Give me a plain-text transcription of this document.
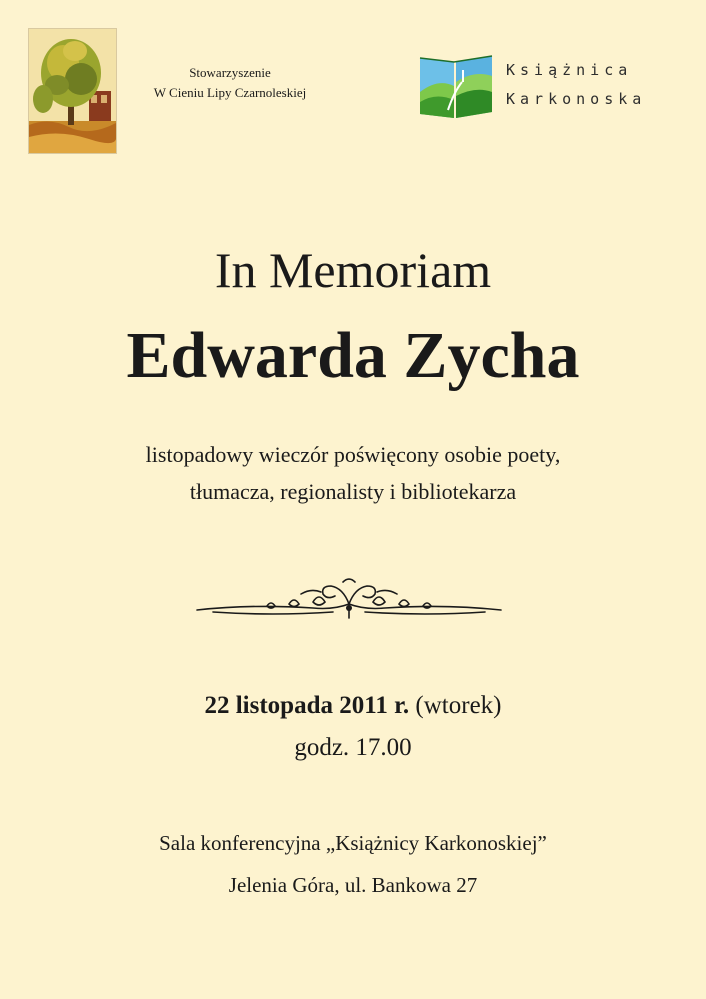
Stowarzyszenie
W Cieniu Lipy Czarnoleskiej
Książnica
Karkonoska
In Memoriam
Edwarda Zycha
listopadowy wieczór poświęcony osobie poety,
tłumacza, regionalisty i bibliotekarza
22 listopada 2011 r. (wtorek)
godz. 17.00
Sala konferencyjna „Książnicy Karkonoskiej”
Jelenia Góra, ul. Bankowa 27
